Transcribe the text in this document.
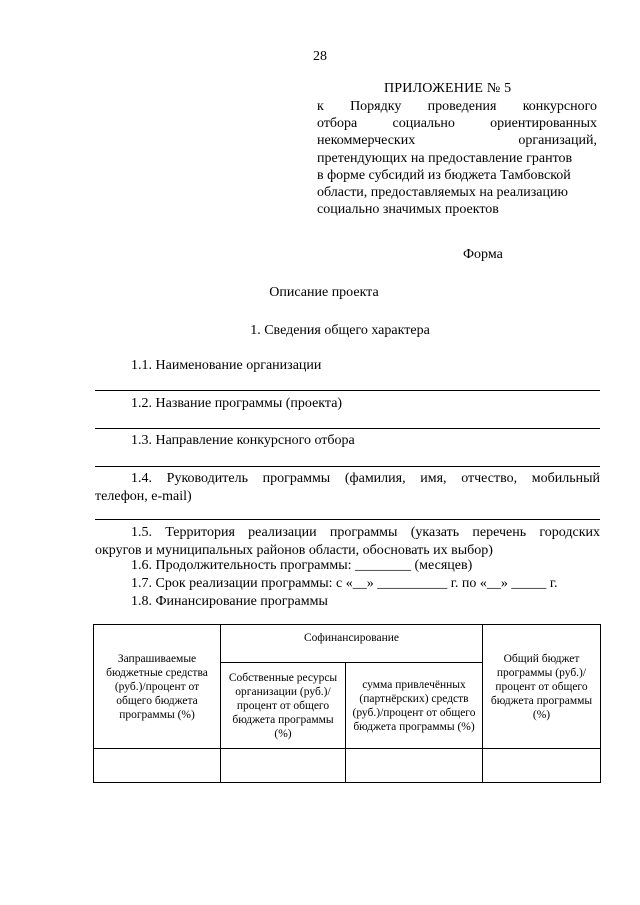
28
ПРИЛОЖЕНИЕ № 5
к Порядку проведения конкурсного
отбора социально ориентированных
некоммерческих организаций,
претендующих на предоставление грантов
в форме субсидий из бюджета Тамбовской
области, предоставляемых на реализацию
социально значимых проектов
Форма
Описание проекта
1. Сведения общего характера
1.1. Наименование организации
1.2. Название программы (проекта)
1.3. Направление конкурсного отбора
1.4. Руководитель программы (фамилия, имя, отчество, мобильный
телефон, e-mail)
1.5. Территория реализации программы (указать перечень городских
округов и муниципальных районов области, обосновать их выбор)
1.6. Продолжительность программы: ________ (месяцев)
1.7. Срок реализации программы: с «__» __________ г. по «__» _____ г.
1.8. Финансирование программы
Запрашиваемые бюджетные средства (руб.)/процент от общего бюджета программы (%)	Софинансирование		Общий бюджет программы (руб.)/процент от общего бюджета программы (%)
	Собственные ресурсы организации (руб.)/процент от общего бюджета программы (%)	сумма привлечённых (партнёрских) средств (руб.)/процент от общего бюджета программы (%)	
